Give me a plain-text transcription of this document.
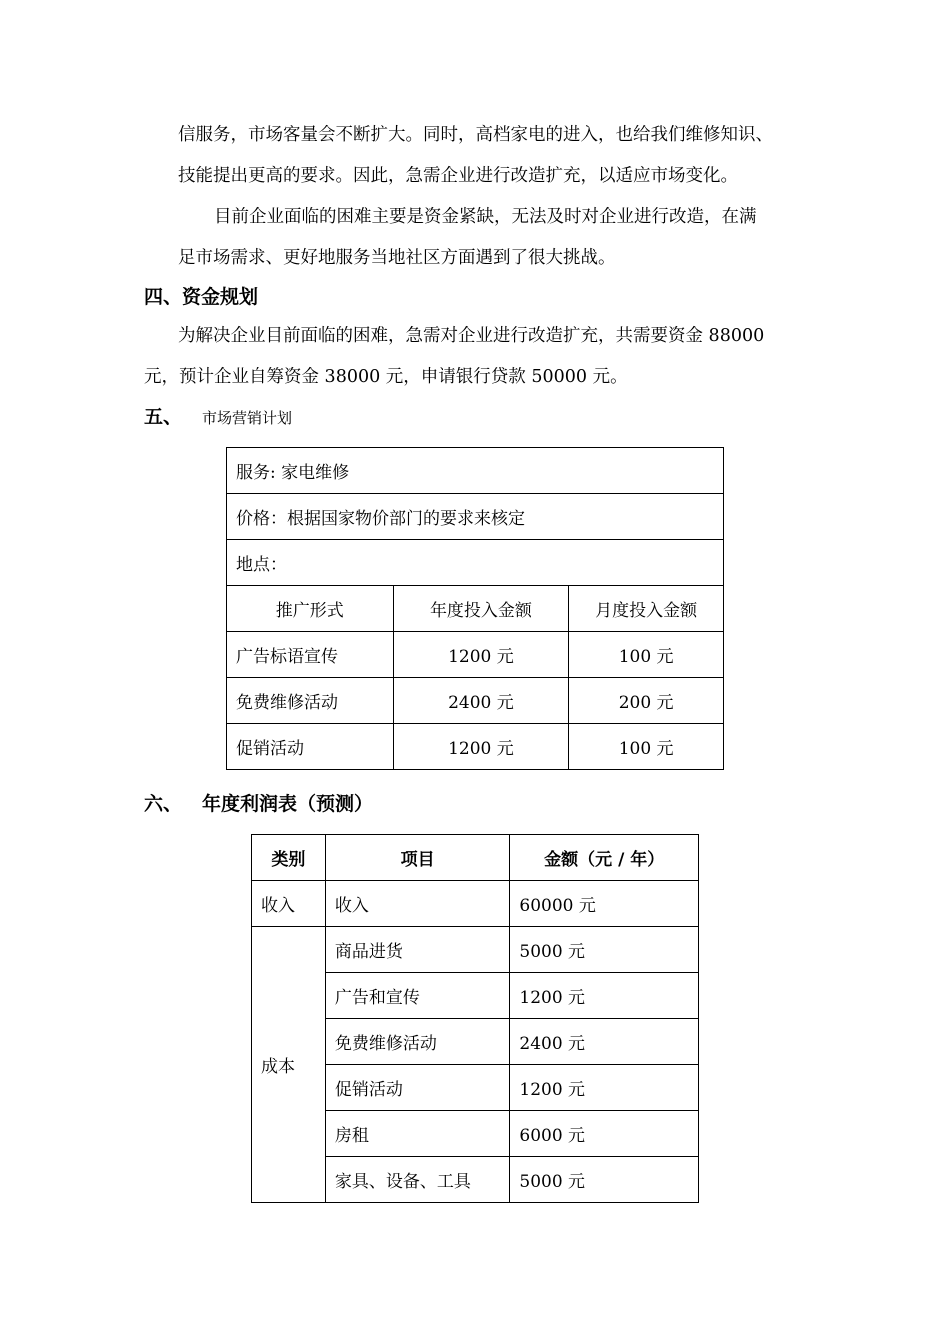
信服务，市场客量会不断扩大。同时，高档家电的进入，也给我们维修知识、
技能提出更高的要求。因此，急需企业进行改造扩充，以适应市场变化。
目前企业面临的困难主要是资金紧缺，无法及时对企业进行改造，在满
足市场需求、更好地服务当地社区方面遇到了很大挑战。
四、资金规划
为解决企业目前面临的困难，急需对企业进行改造扩充，共需要资金 88000
元，预计企业自筹资金 38000 元，申请银行贷款 50000 元。
五、 市场营销计划
服务: 家电维修		
价格：根据国家物价部门的要求来核定		
地点：		
推广形式	年度投入金额	月度投入金额
广告标语宣传	1200 元	100 元
免费维修活动	2400 元	200 元
促销活动	1200 元	100 元
六、 年度利润表（预测）
类别	项目	金额（元 / 年）
收入	收入	60000 元
成本	商品进货	5000 元
	广告和宣传	1200 元
	免费维修活动	2400 元
	促销活动	1200 元
	房租	6000 元
	家具、设备、工具	5000 元
